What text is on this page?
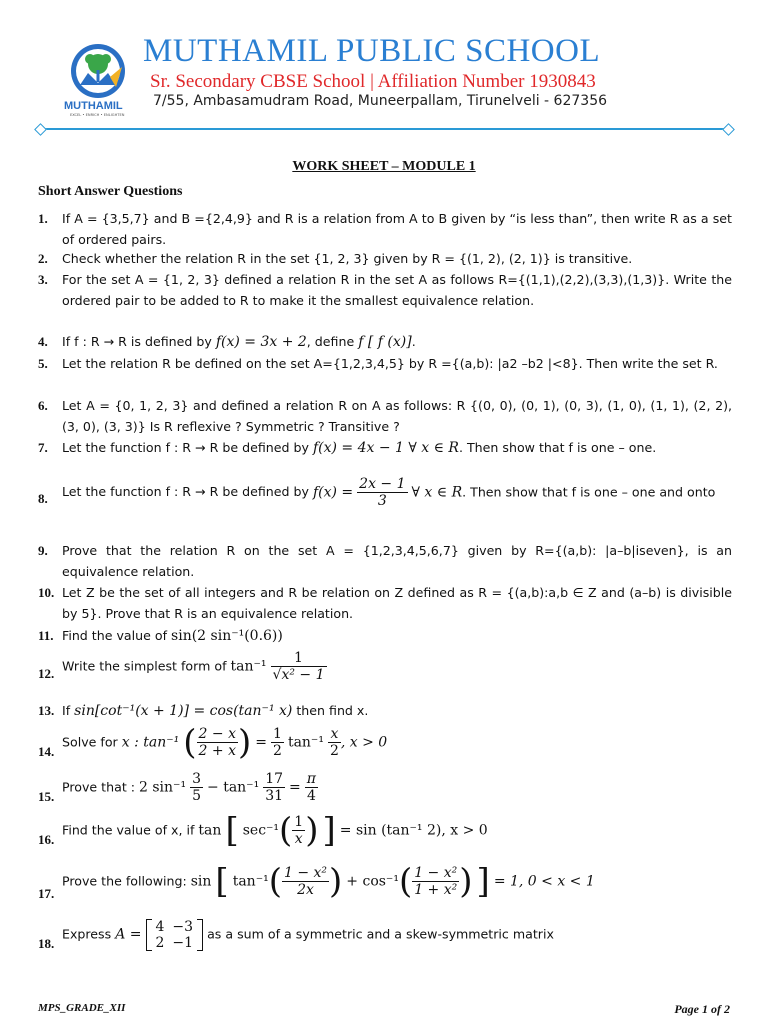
MUTHAMIL
EXCEL • ENRICH • ENLIGHTEN
MUTHAMIL PUBLIC SCHOOL
Sr. Secondary CBSE School | Affiliation Number 1930843
7/55, Ambasamudram Road, Muneerpallam, Tirunelveli - 627356
WORK SHEET – MODULE 1
Short Answer Questions
1. If A = {3,5,7} and B ={2,4,9} and R is a relation from A to B given by “is less than”, then write R as a set of ordered pairs.
2. Check whether the relation R in the set {1, 2, 3} given by R = {(1, 2), (2, 1)} is transitive.
3. For the set A = {1, 2, 3} defined a relation R in the set A as follows R={(1,1),(2,2),(3,3),(1,3)}. Write the ordered pair to be added to R to make it the smallest equivalence relation.
4. If f : R → R is defined by f(x) = 3x + 2, define f [ f (x)].
5. Let the relation R be defined on the set A={1,2,3,4,5} by R ={(a,b): |a2 –b2 |<8}. Then write the set R.
6. Let A = {0, 1, 2, 3} and defined a relation R on A as follows: R {(0, 0), (0, 1), (0, 3), (1, 0), (1, 1), (2, 2), (3, 0), (3, 3)} Is R reflexive ? Symmetric ? Transitive ?
7. Let the function f : R → R be defined by f(x) = 4x − 1 ∀ x ∈ R. Then show that f is one – one.
8. Let the function f : R → R be defined by $f(x) = \frac{2x - 1}{3}$ ∀ x ∈ R. Then show that f is one – one and onto
9. Prove that the relation R on the set A = {1,2,3,4,5,6,7} given by R={(a,b): |a–b|iseven}, is an equivalence relation.
10. Let Z be the set of all integers and R be relation on Z defined as R = {(a,b):a,b ∈ Z and (a–b) is divisible by 5}. Prove that R is an equivalence relation.
11. Find the value of sin(2 sin⁻¹(0.6))
12. Write the simplest form of $\tan^{-1} \frac{1}{\text{√x² − 1}}$
13. If sin[cot⁻¹(x + 1)] = cos(tan⁻¹ x) then find x.
14.
Solve for x : tan⁻¹ ( $\frac{2 - x}{2 + x}$ ) = $\frac{1}{2} \tan^{-1} \frac{x}{2}$ , x > 0
15.
Prove that : 2 $\sin^{-1} \frac{3}{5} - \tan^{-1} \frac{17}{31} = \frac{\pi}{4}$
16.
Find the value of x, if tan [ $\sec^{-1}( \frac{1}{x}$ ) ] = sin (tan⁻¹ 2), x > 0
17.
Prove the following: sin [ $\tan^{-1}( \frac{\text{1 − x²}}{2x}$ ) + $\cos^{-1}( \frac{\text{1 − x²}}{\text{1 + x²}}$ ) ] = 1, 0 < x < 1
18.
Express A = 4	−3
2	−1
as a sum of a symmetric and a skew-symmetric matrix
MPS_GRADE_XII	Page 1 of 2
